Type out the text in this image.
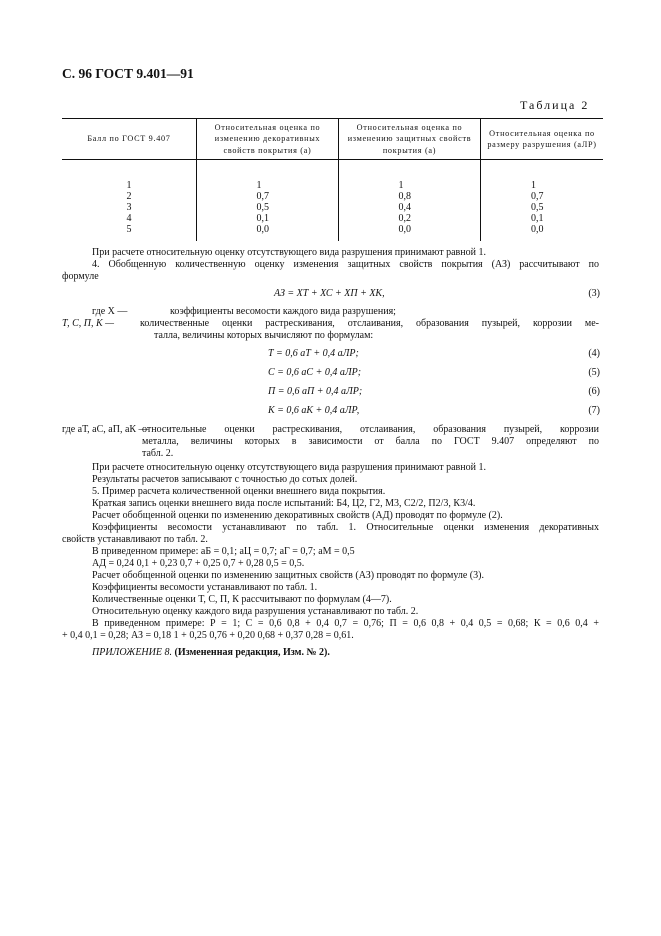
С. 96 ГОСТ 9.401—91
Таблица 2
Балл по ГОСТ 9.407	Относительная оценка по изменению декоративных свойств покрытия (а)	Относительная оценка по изменению защитных свойств покрытия (а)	Относительная оценка по размеру разрушения (аЛР)

1	1	1	1
2	0,7	0,8	0,7
3	0,5	0,4	0,5
4	0,1	0,2	0,1
5	0,0	0,0	0,0
При расчете относительную оценку отсутствующего вида разрушения принимают равной 1.
4. Обобщенную количественную оценку изменения защитных свойств покрытия (АЗ) рассчитывают по
формуле
АЗ = ХТ + ХС + ХП + ХК,	(3)
где Х —	коэффициенты весомости каждого вида разрушения;
Т, С, П, К —	количественные оценки растрескивания, отслаивания, образования пузырей, коррозии ме-
талла, величины которых вычисляют по формулам:
Т = 0,6 аТ + 0,4 аЛР;	(4)
С = 0,6 аС + 0,4 аЛР;	(5)
П = 0,6 аП + 0,4 аЛР;	(6)
К = 0,6 аК + 0,4 аЛР,	(7)
где аТ, аС, аП, аК —
относительные оценки растрескивания, отслаивания, образования пузырей, коррозии
металла, величины которых в зависимости от балла по ГОСТ 9.407 определяют по
табл. 2.
При расчете относительную оценку отсутствующего вида разрушения принимают равной 1.
Результаты расчетов записывают с точностью до сотых долей.
5. Пример расчета количественной оценки внешнего вида покрытия.
Краткая запись оценки внешнего вида после испытаний: Б4, Ц2, Г2, М3, С2/2, П2/3, К3/4.
Расчет обобщенной оценки по изменению декоративных свойств (АД) проводят по формуле (2).
Коэффициенты весомости устанавливают по табл. 1. Относительные оценки изменения декоративных
свойств устанавливают по табл. 2.
В приведенном примере: аБ = 0,1; аЦ = 0,7; аГ = 0,7; аМ = 0,5
АД = 0,24 0,1 + 0,23 0,7 + 0,25 0,7 + 0,28 0,5 = 0,5.
Расчет обобщенной оценки по изменению защитных свойств (АЗ) проводят по формуле (3).
Коэффициенты весомости устанавливают по табл. 1.
Количественные оценки Т, С, П, К рассчитывают по формулам (4—7).
Относительную оценку каждого вида разрушения устанавливают по табл. 2.
В приведенном примере: Р = 1; С = 0,6 0,8 + 0,4 0,7 = 0,76; П = 0,6 0,8 + 0,4 0,5 = 0,68; К = 0,6 0,4 +
+ 0,4 0,1 = 0,28; АЗ = 0,18 1 + 0,25 0,76 + 0,20 0,68 + 0,37 0,28 = 0,61.
ПРИЛОЖЕНИЕ 8. (Измененная редакция, Изм. № 2).
